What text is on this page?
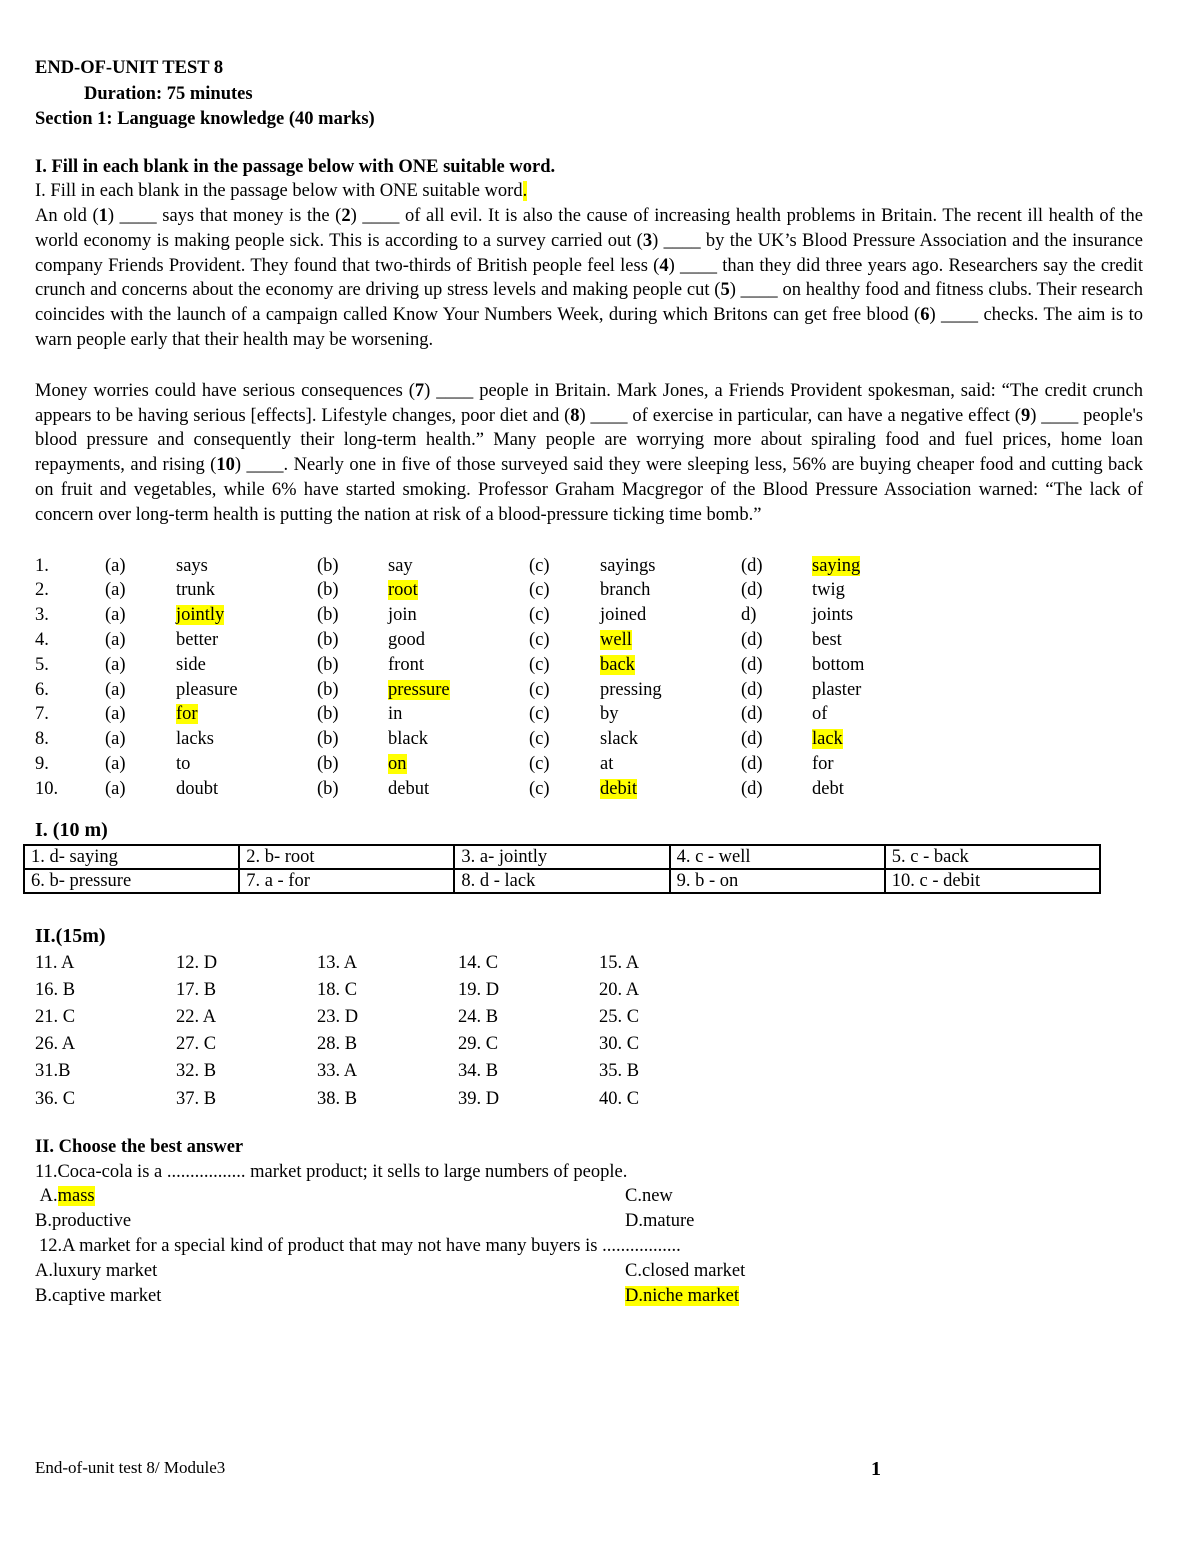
END-OF-UNIT TEST 8
Duration: 75 minutes
Section 1: Language knowledge (40 marks)
I. Fill in each blank in the passage below with ONE suitable word.
I. Fill in each blank in the passage below with ONE suitable word.
An old (1) ____ says that money is the (2) ____ of all evil. It is also the cause of increasing health problems in Britain. The recent ill health of the world economy is making people sick. This is according to a survey carried out (3) ____ by the UK’s Blood Pressure Association and the insurance company Friends Provident. They found that two-thirds of British people feel less (4) ____ than they did three years ago. Researchers say the credit crunch and concerns about the economy are driving up stress levels and making people cut (5) ____ on healthy food and fitness clubs. Their research coincides with the launch of a campaign called Know Your Numbers Week, during which Britons can get free blood (6) ____ checks. The aim is to warn people early that their health may be worsening.
Money worries could have serious consequences (7) ____ people in Britain. Mark Jones, a Friends Provident spokesman, said: “The credit crunch appears to be having serious [effects]. Lifestyle changes, poor diet and (8) ____ of exercise in particular, can have a negative effect (9) ____ people's blood pressure and consequently their long-term health.” Many people are worrying more about spiraling food and fuel prices, home loan repayments, and rising (10) ____. Nearly one in five of those surveyed said they were sleeping less, 56% are buying cheaper food and cutting back on fruit and vegetables, while 6% have started smoking. Professor Graham Macgregor of the Blood Pressure Association warned: “The lack of concern over long-term health is putting the nation at risk of a blood-pressure ticking time bomb.”
1.	(a)	says	(b)	say	(c)	sayings	(d)	saying
2.	(a)	trunk	(b)	root	(c)	branch	(d)	twig
3.	(a)	jointly	(b)	join	(c)	joined	d)	joints
4.	(a)	better	(b)	good	(c)	well	(d)	best
5.	(a)	side	(b)	front	(c)	back	(d)	bottom
6.	(a)	pleasure	(b)	pressure	(c)	pressing	(d)	plaster
7.	(a)	for	(b)	in	(c)	by	(d)	of
8.	(a)	lacks	(b)	black	(c)	slack	(d)	lack
9.	(a)	to	(b)	on	(c)	at	(d)	for
10.	(a)	doubt	(b)	debut	(c)	debit	(d)	debt
I. (10 m)
1. d- saying	2. b- root	3. a- jointly	4. c - well	5. c - back
6. b- pressure	7. a - for	8. d - lack	9. b - on	10. c - debit
II.(15m)
11. A	12. D	13. A	14. C	15. A
16. B	17. B	18. C	19. D	20. A
21. C	22. A	23. D	24. B	25. C
26. A	27. C	28. B	29. C	30. C
31.B	32. B	33. A	34. B	35. B
36. C	37. B	38. B	39. D	40. C
II. Choose the best answer
11.Coca-cola is a ................. market product; it sells to large numbers of people.
A.mass	C.new
B.productive	D.mature
12.A market for a special kind of product that may not have many buyers is .................
A.luxury market	C.closed market
B.captive market	D.niche market
End-of-unit test 8/ Module3	1
